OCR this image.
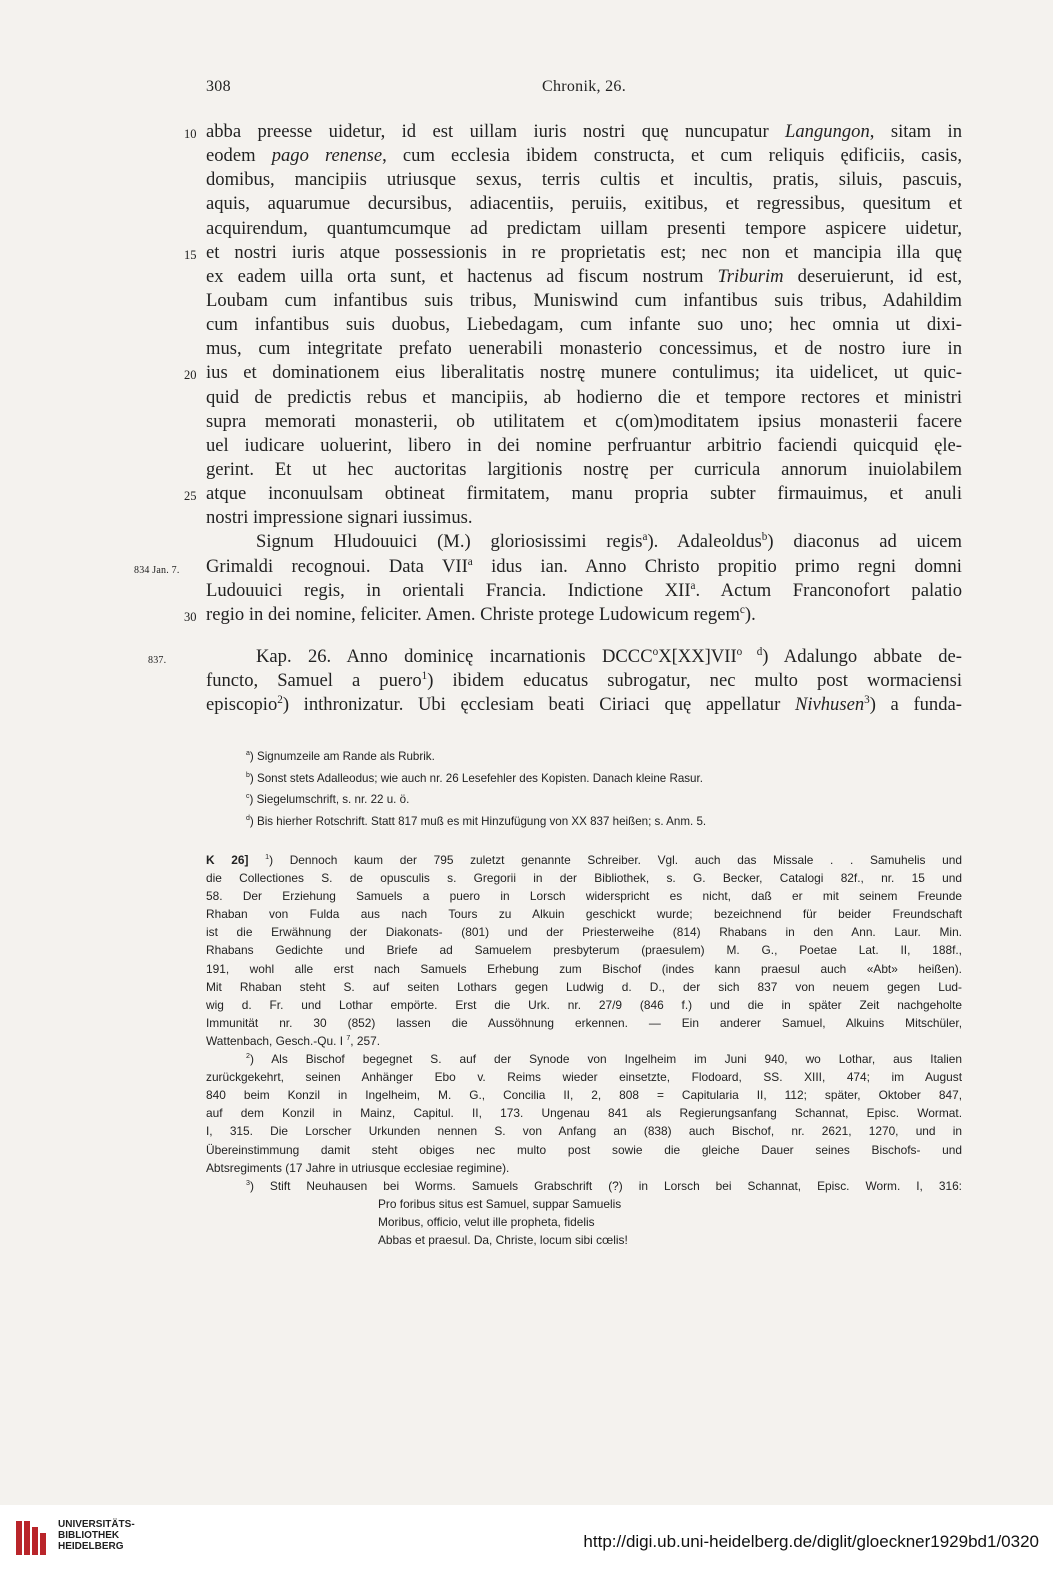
308	Chronik, 26.
abba preesse uidetur, id est uillam iuris nostri quę nuncupatur Langungon, sitam in
10
eodem pago renense, cum ecclesia ibidem constructa, et cum reliquis ędificiis, casis,
domibus, mancipiis utriusque sexus, terris cultis et incultis, pratis, siluis, pascuis,
aquis, aquarumue decursibus, adiacentiis, peruiis, exitibus, et regressibus, quesitum et
acquirendum, quantumcumque ad predictam uillam presenti tempore aspicere uidetur,
et nostri iuris atque possessionis in re proprietatis est; nec non et mancipia illa quę
15
ex eadem uilla orta sunt, et hactenus ad fiscum nostrum Triburim deseruierunt, id est,
Loubam cum infantibus suis tribus, Muniswind cum infantibus suis tribus, Adahildim
cum infantibus suis duobus, Liebedagam, cum infante suo uno; hec omnia ut dixi-
mus, cum integritate prefato uenerabili monasterio concessimus, et de nostro iure in
ius et dominationem eius liberalitatis nostrę munere contulimus; ita uidelicet, ut quic-
20
quid de predictis rebus et mancipiis, ab hodierno die et tempore rectores et ministri
supra memorati monasterii, ob utilitatem et c(om)moditatem ipsius monasterii facere
uel iudicare uoluerint, libero in dei nomine perfruantur arbitrio faciendi quicquid ęle-
gerint. Et ut hec auctoritas largitionis nostrę per curricula annorum inuiolabilem
atque inconuulsam obtineat firmitatem, manu propria subter firmauimus, et anuli
25
nostri impressione signari iussimus.
Signum Hludouuici (M.) gloriosissimi regis$^a$). Adaleoldus$^b$) diaconus ad uicem
Grimaldi recognoui. Data VII$^a$ idus ian. Anno Christo propitio primo regni domni
834 Jan. 7.
Ludouuici regis, in orientali Francia. Indictione XII$^a$. Actum Franconofort palatio
regio in dei nomine, feliciter. Amen. Christe protege Ludowicum regem$^c$).
30
Kap. 26. Anno dominicę incarnationis $DCCC^oX[XX]VII^{o d}$) Adalungo abbate de-
837.
functo, Samuel a puero$^1$) ibidem educatus subrogatur, nec multo post wormaciensi
episcopio$^2$) inthronizatur. Ubi ęcclesiam beati Ciriaci quę appellatur Nivhusen$^3$) a funda-
$^a$) Signumzeile am Rande als Rubrik.
$^b$) Sonst stets Adalleodus; wie auch nr. 26 Lesefehler des Kopisten. Danach kleine Rasur.
$^c$) Siegelumschrift, s. nr. 22 u. ö.
$^d$) Bis hierher Rotschrift. Statt 817 muß es mit Hinzufügung von XX 837 heißen; s. Anm. 5.
K 26] $^1$) Dennoch kaum der 795 zuletzt genannte Schreiber. Vgl. auch das Missale . . Samuhelis und
die Collectiones S. de opusculis s. Gregorii in der Bibliothek, s. G. Becker, Catalogi 82f., nr. 15 und
58. Der Erziehung Samuels a puero in Lorsch widerspricht es nicht, daß er mit seinem Freunde
Rhaban von Fulda aus nach Tours zu Alkuin geschickt wurde; bezeichnend für beider Freundschaft
ist die Erwähnung der Diakonats- (801) und der Priesterweihe (814) Rhabans in den Ann. Laur. Min.
Rhabans Gedichte und Briefe ad Samuelem presbyterum (praesulem) M. G., Poetae Lat. II, 188f.,
191, wohl alle erst nach Samuels Erhebung zum Bischof (indes kann praesul auch «Abt» heißen).
Mit Rhaban steht S. auf seiten Lothars gegen Ludwig d. D., der sich 837 von neuem gegen Lud-
wig d. Fr. und Lothar empörte. Erst die Urk. nr. 27/9 (846 f.) und die in später Zeit nachgeholte
Immunität nr. 30 (852) lassen die Aussöhnung erkennen. — Ein anderer Samuel, Alkuins Mitschüler,
Wattenbach, Gesch.-Qu. I $^7$, 257.
$^2$) Als Bischof begegnet S. auf der Synode von Ingelheim im Juni 940, wo Lothar, aus Italien
zurückgekehrt, seinen Anhänger Ebo v. Reims wieder einsetzte, Flodoard, SS. XIII, 474; im August
840 beim Konzil in Ingelheim, M. G., Concilia II, 2, 808 = Capitularia II, 112; später, Oktober 847,
auf dem Konzil in Mainz, Capitul. II, 173. Ungenau 841 als Regierungsanfang Schannat, Episc. Wormat.
I, 315. Die Lorscher Urkunden nennen S. von Anfang an (838) auch Bischof, nr. 2621, 1270, und in
Übereinstimmung damit steht obiges nec multo post sowie die gleiche Dauer seines Bischofs- und
Abtsregiments (17 Jahre in utriusque ecclesiae regimine).
$^3$) Stift Neuhausen bei Worms. Samuels Grabschrift (?) in Lorsch bei Schannat, Episc. Worm. I, 316:
Pro foribus situs est Samuel, suppar Samuelis
Moribus, officio, velut ille propheta, fidelis
Abbas et praesul. Da, Christe, locum sibi cœlis!
UNIVERSITÄTS-
BIBLIOTHEK
HEIDELBERG	http://digi.ub.uni-heidelberg.de/diglit/gloeckner1929bd1/0320
